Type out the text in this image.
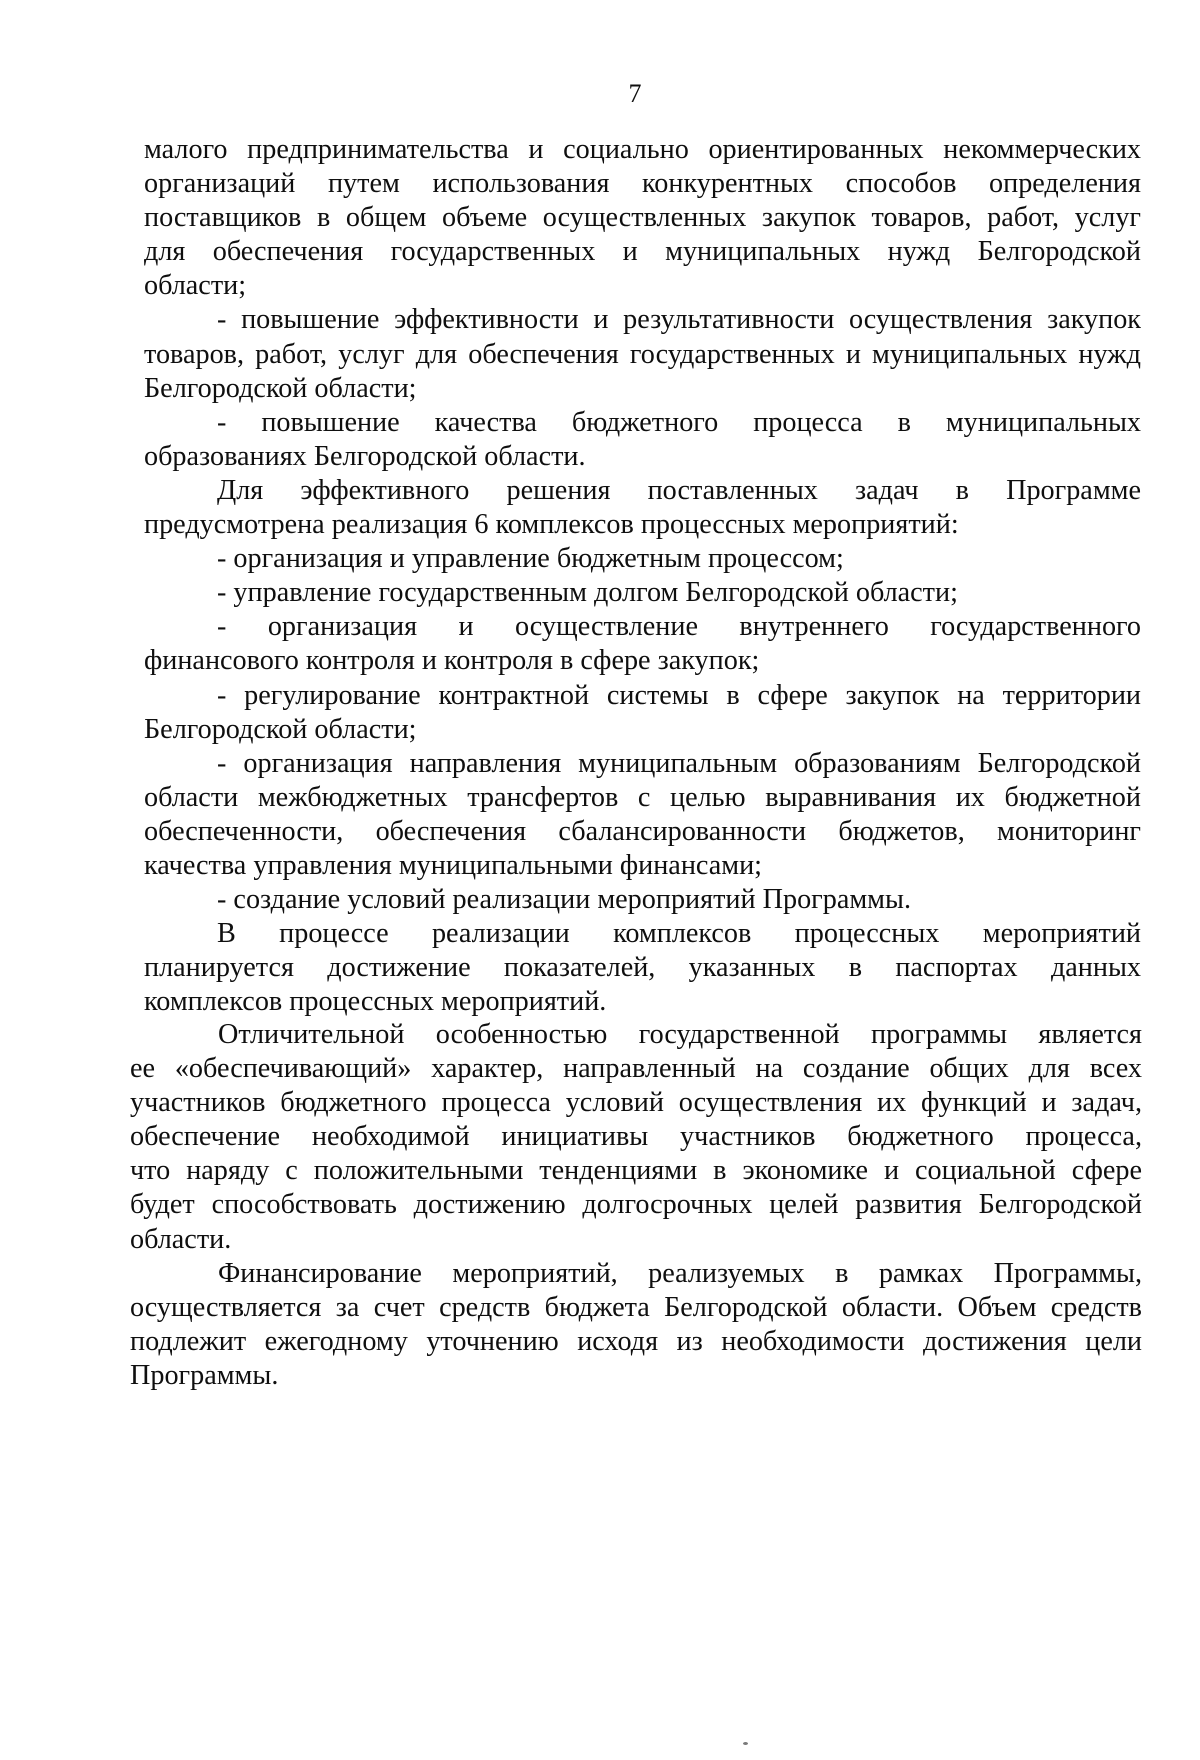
7
малого предпринимательства и социально ориентированных некоммерческих
организаций путем использования конкурентных способов определения
поставщиков в общем объеме осуществленных закупок товаров, работ, услуг
для обеспечения государственных и муниципальных нужд Белгородской
области;
- повышение эффективности и результативности осуществления закупок
товаров, работ, услуг для обеспечения государственных и муниципальных нужд
Белгородской области;
- повышение качества бюджетного процесса в муниципальных
образованиях Белгородской области.
Для эффективного решения поставленных задач в Программе
предусмотрена реализация 6 комплексов процессных мероприятий:
- организация и управление бюджетным процессом;
- управление государственным долгом Белгородской области;
- организация и осуществление внутреннего государственного
финансового контроля и контроля в сфере закупок;
- регулирование контрактной системы в сфере закупок на территории
Белгородской области;
- организация направления муниципальным образованиям Белгородской
области межбюджетных трансфертов с целью выравнивания их бюджетной
обеспеченности, обеспечения сбалансированности бюджетов, мониторинг
качества управления муниципальными финансами;
- создание условий реализации мероприятий Программы.
В процессе реализации комплексов процессных мероприятий
планируется достижение показателей, указанных в паспортах данных
комплексов процессных мероприятий.
Отличительной особенностью государственной программы является
ее «обеспечивающий» характер, направленный на создание общих для всех
участников бюджетного процесса условий осуществления их функций и задач,
обеспечение необходимой инициативы участников бюджетного процесса,
что наряду с положительными тенденциями в экономике и социальной сфере
будет способствовать достижению долгосрочных целей развития Белгородской
области.
Финансирование мероприятий, реализуемых в рамках Программы,
осуществляется за счет средств бюджета Белгородской области. Объем средств
подлежит ежегодному уточнению исходя из необходимости достижения цели
Программы.
